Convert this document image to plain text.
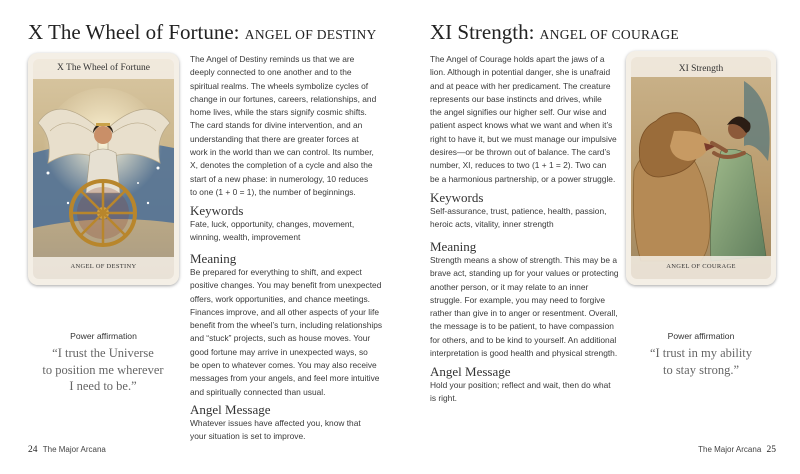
X The Wheel of Fortune: ANGEL OF DESTINY
X The Wheel of Fortune
ANGEL OF DESTINY
The Angel of Destiny reminds us that we are
deeply connected to one another and to the
spiritual realms. The wheels symbolize cycles of
change in our fortunes, careers, relationships, and
home lives, while the stars signify cosmic shifts.
The card stands for divine intervention, and an
understanding that there are greater forces at
work in the world than we can control. Its number,
X, denotes the completion of a cycle and also the
start of a new phase: in numerology, 10 reduces
to one (1 + 0 = 1), the number of beginnings.
Keywords
Fate, luck, opportunity, changes, movement,
winning, wealth, improvement
Meaning
Be prepared for everything to shift, and expect
positive changes. You may benefit from unexpected
offers, work opportunities, and chance meetings.
Finances improve, and all other aspects of your life
benefit from the wheel’s turn, including relationships
and “stuck” projects, such as house moves. Your
good fortune may arrive in unexpected ways, so
be open to whatever comes. You may also receive
messages from your angels, and feel more intuitive
and spiritually connected than usual.
Angel Message
Whatever issues have affected you, know that
your situation is set to improve.
Power affirmation
“I trust the Universe
to position me wherever
I need to be.”
24 The Major Arcana
XI Strength: ANGEL OF COURAGE
The Angel of Courage holds apart the jaws of a
lion. Although in potential danger, she is unafraid
and at peace with her predicament. The creature
represents our base instincts and drives, while
the angel signifies our higher self. Our wise and
patient aspect knows what we want and when it’s
right to have it, but we must manage our impulsive
desires—or be thrown out of balance. The card’s
number, XI, reduces to two (1 + 1 = 2). Two can
be a harmonious partnership, or a power struggle.
Keywords
Self-assurance, trust, patience, health, passion,
heroic acts, vitality, inner strength
Meaning
Strength means a show of strength. This may be a
brave act, standing up for your values or protecting
another person, or it may relate to an inner
struggle. For example, you may need to forgive
rather than give in to anger or resentment. Overall,
the message is to be patient, to have compassion
for others, and to be kind to yourself. An additional
interpretation is good health and physical strength.
Angel Message
Hold your position; reflect and wait, then do what
is right.
XI Strength
ANGEL OF COURAGE
Power affirmation
“I trust in my ability
to stay strong.”
The Major Arcana 25
